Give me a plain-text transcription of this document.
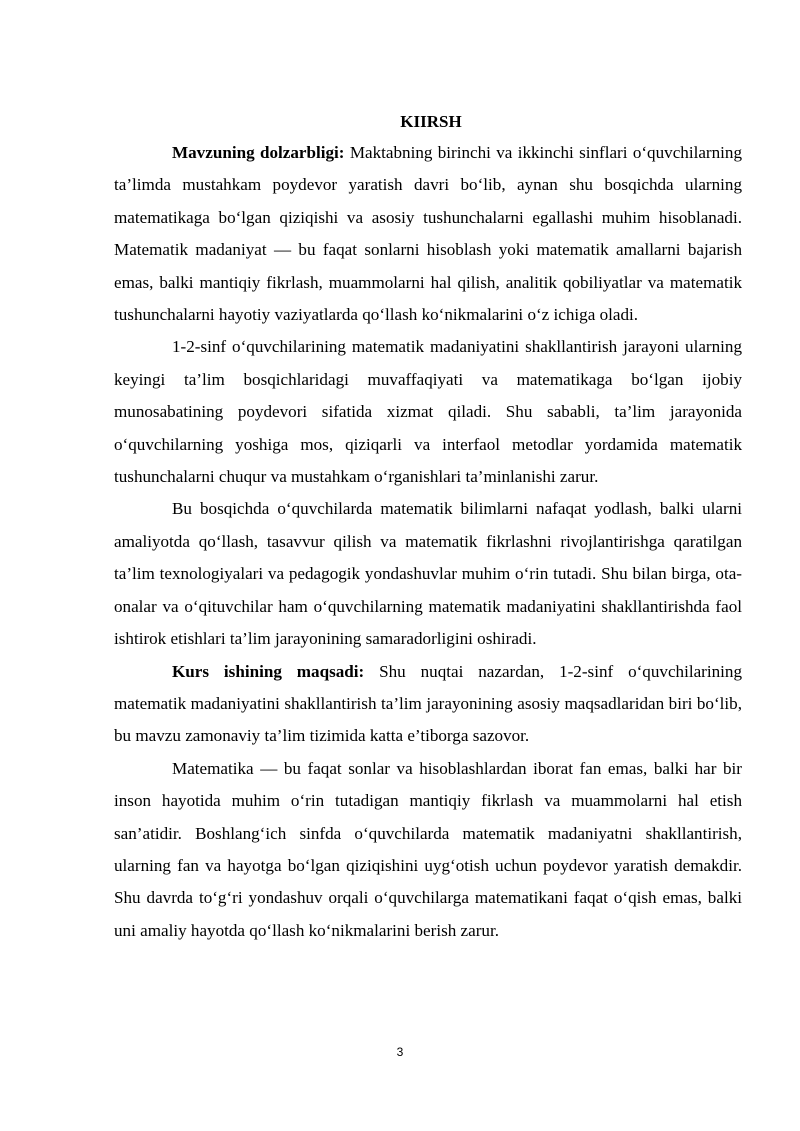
KIIRSH

Mavzuning dolzarbligi: Maktabning birinchi va ikkinchi sinflari o‘quvchilarning ta’limda mustahkam poydevor yaratish davri bo‘lib, aynan shu bosqichda ularning matematikaga bo‘lgan qiziqishi va asosiy tushunchalarni egallashi muhim hisoblanadi. Matematik madaniyat — bu faqat sonlarni hisoblash yoki matematik amallarni bajarish emas, balki mantiqiy fikrlash, muammolarni hal qilish, analitik qobiliyatlar va matematik tushunchalarni hayotiy vaziyatlarda qo‘llash ko‘nikmalarini o‘z ichiga oladi.

1-2-sinf o‘quvchilarining matematik madaniyatini shakllantirish jarayoni ularning keyingi ta’lim bosqichlaridagi muvaffaqiyati va matematikaga bo‘lgan ijobiy munosabatining poydevori sifatida xizmat qiladi. Shu sababli, ta’lim jarayonida o‘quvchilarning yoshiga mos, qiziqarli va interfaol metodlar yordamida matematik tushunchalarni chuqur va mustahkam o‘rganishlari ta’minlanishi zarur.

Bu bosqichda o‘quvchilarda matematik bilimlarni nafaqat yodlash, balki ularni amaliyotda qo‘llash, tasavvur qilish va matematik fikrlashni rivojlantirishga qaratilgan ta’lim texnologiyalari va pedagogik yondashuvlar muhim o‘rin tutadi. Shu bilan birga, ota-onalar va o‘qituvchilar ham o‘quvchilarning matematik madaniyatini shakllantirishda faol ishtirok etishlari ta’lim jarayonining samaradorligini oshiradi.

Kurs ishining maqsadi: Shu nuqtai nazardan, 1-2-sinf o‘quvchilarining matematik madaniyatini shakllantirish ta’lim jarayonining asosiy maqsadlaridan biri bo‘lib, bu mavzu zamonaviy ta’lim tizimida katta e’tiborga sazovor.

Matematika — bu faqat sonlar va hisoblashlardan iborat fan emas, balki har bir inson hayotida muhim o‘rin tutadigan mantiqiy fikrlash va muammolarni hal etish san’atidir. Boshlang‘ich sinfda o‘quvchilarda matematik madaniyatni shakllantirish, ularning fan va hayotga bo‘lgan qiziqishini uyg‘otish uchun poydevor yaratish demakdir. Shu davrda to‘g‘ri yondashuv orqali o‘quvchilarga matematikani faqat o‘qish emas, balki uni amaliy hayotda qo‘llash ko‘nikmalarini berish zarur.

3
